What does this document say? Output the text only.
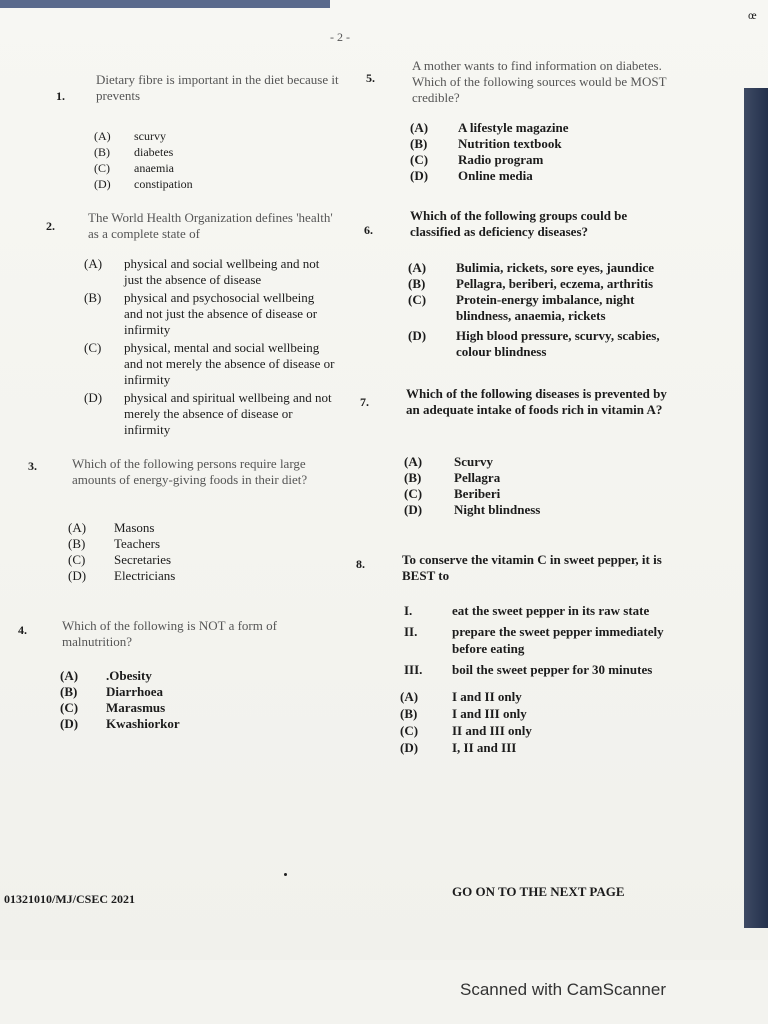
œ
- 2 -
1.
Dietary fibre is important in the diet because it prevents
(A)	scurvy
(B)	diabetes
(C)	anaemia
(D)	constipation
2.
The World Health Organization defines 'health' as a complete state of
(A)	physical and social wellbeing and not just the absence of disease
(B)	physical and psychosocial wellbeing and not just the absence of disease or infirmity
(C)	physical, mental and social wellbeing and not merely the absence of disease or infirmity
(D)	physical and spiritual wellbeing and not merely the absence of disease or infirmity
3.	Which of the following persons require large amounts of energy-giving foods in their diet?
(A)	Masons
(B)	Teachers
(C)	Secretaries
(D)	Electricians
4.	Which of the following is NOT a form of malnutrition?
(A)	.Obesity
(B)	Diarrhoea
(C)	Marasmus
(D)	Kwashiorkor
5.
A mother wants to find information on diabetes. Which of the following sources would be MOST credible?
(A)	A lifestyle magazine
(B)	Nutrition textbook
(C)	Radio program
(D)	Online media
6.
Which of the following groups could be classified as deficiency diseases?
(A)	Bulimia, rickets, sore eyes, jaundice
(B)	Pellagra, beriberi, eczema, arthritis
(C)	Protein-energy imbalance, night blindness, anaemia, rickets
(D)	High blood pressure, scurvy, scabies, colour blindness
7.
Which of the following diseases is prevented by an adequate intake of foods rich in vitamin A?
(A)	Scurvy
(B)	Pellagra
(C)	Beriberi
(D)	Night blindness
8.	To conserve the vitamin C in sweet pepper, it is BEST to
I.	eat the sweet pepper in its raw state
II.	prepare the sweet pepper immediately before eating
III.	boil the sweet pepper for 30 minutes
(A)	I and II only
(B)	I and III only
(C)	II and III only
(D)	I, II and III
01321010/MJ/CSEC 2021	GO ON TO THE NEXT PAGE
Scanned with CamScanner
